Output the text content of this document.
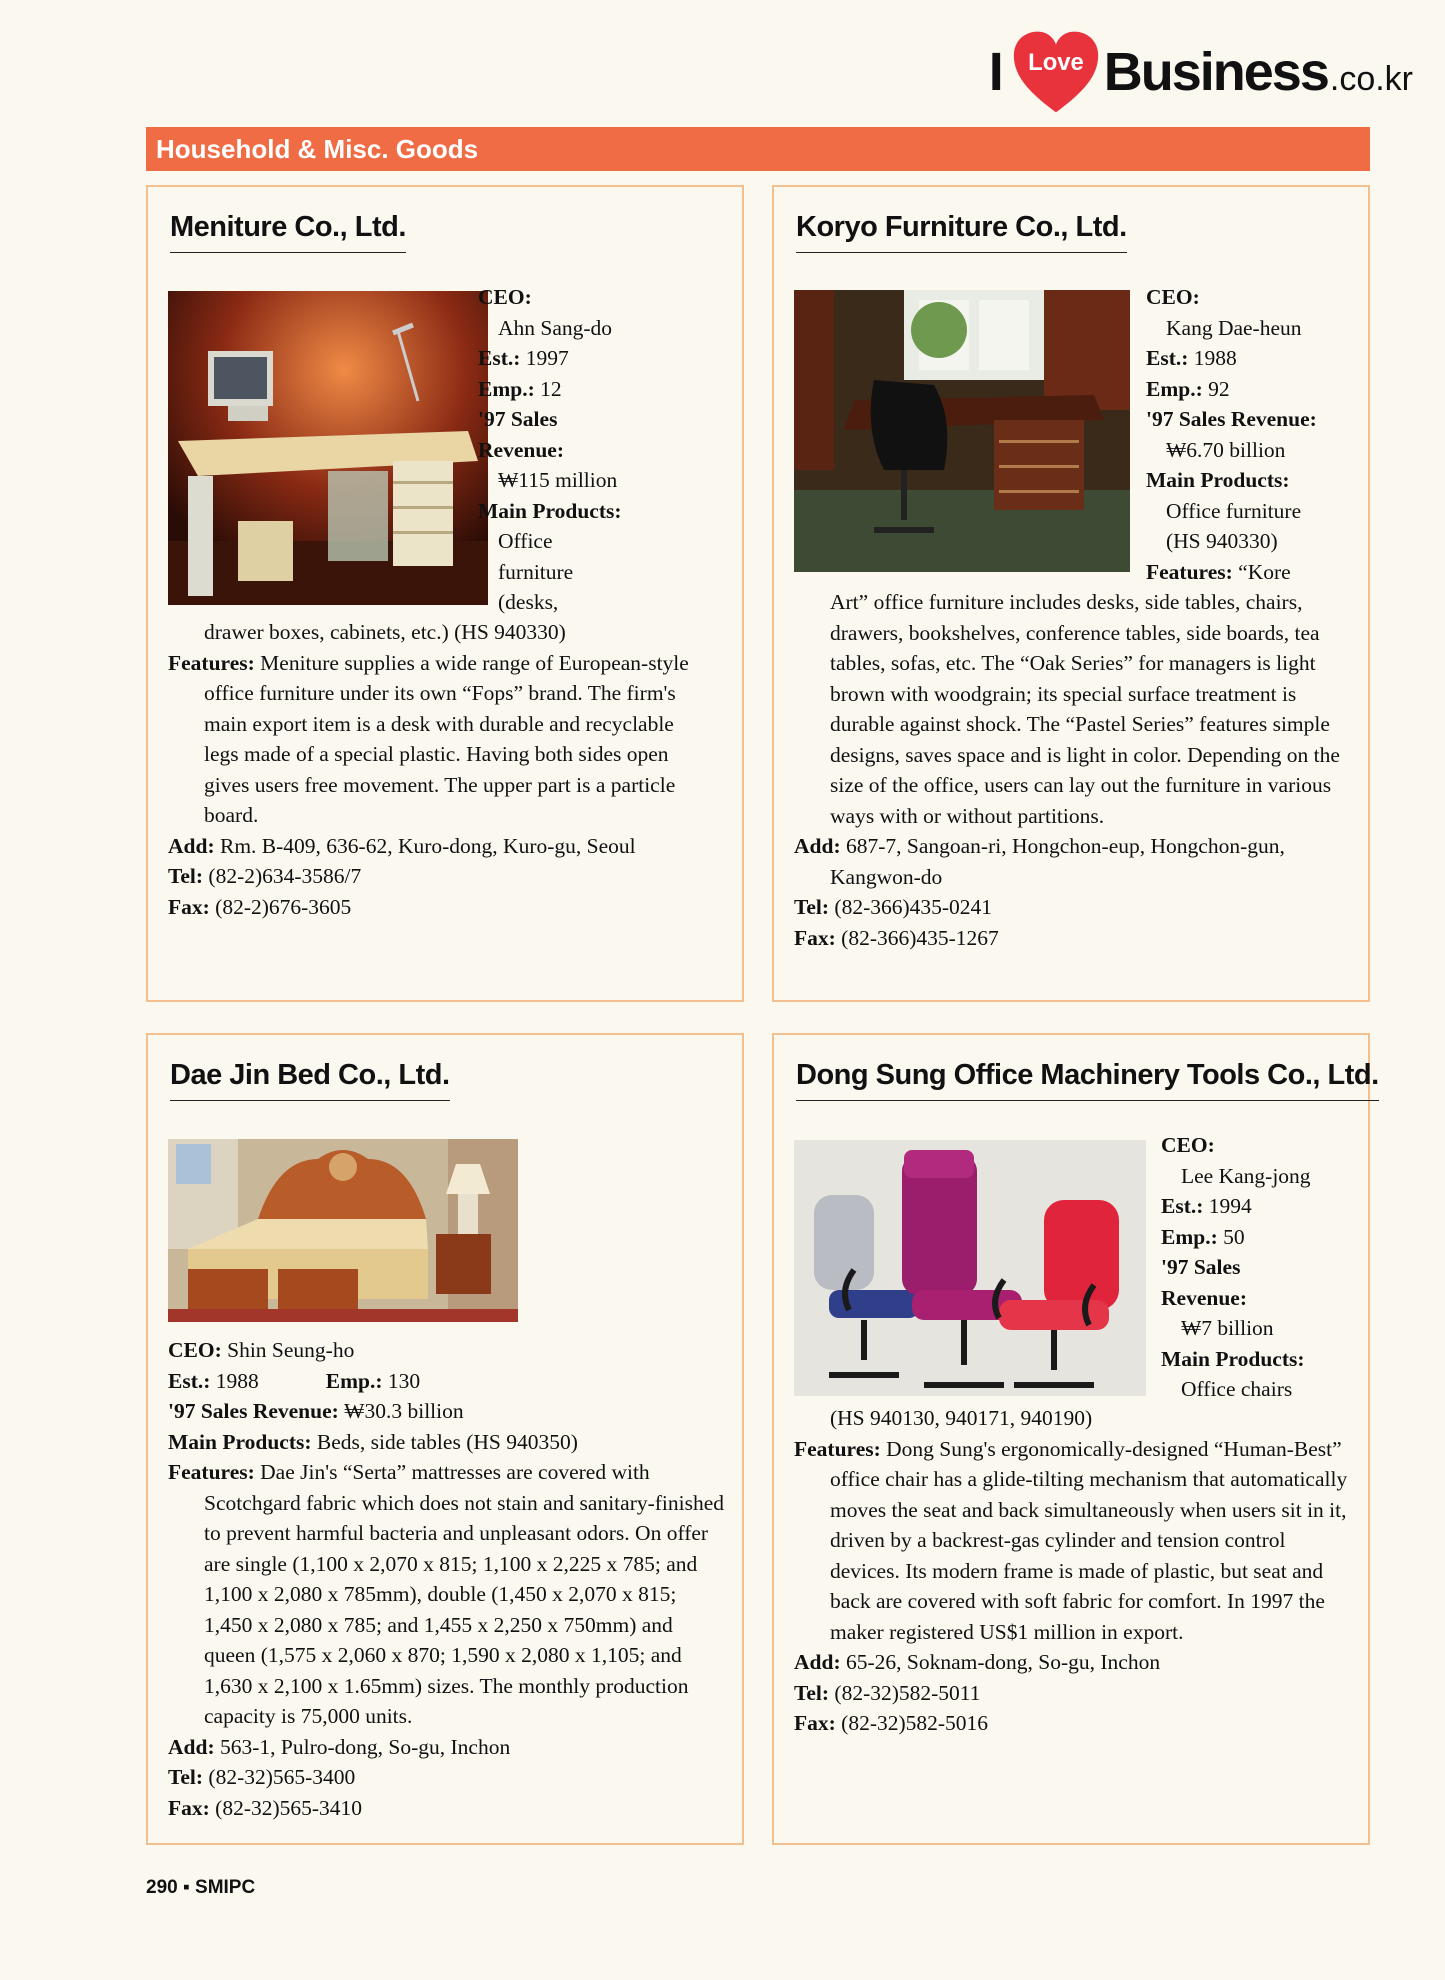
I Love Business .co.kr
Household & Misc. Goods
Meniture Co., Ltd.
CEO:
Ahn Sang-do
Est.: 1997
Emp.: 12
'97 Sales
Revenue:
₩115 million
Main Products:
Office
furniture
(desks,

drawer boxes, cabinets, etc.) (HS 940330)

Features: Meniture supplies a wide range of European-style office furniture under its own “Fops” brand. The firm's main export item is a desk with durable and recyclable legs made of a special plastic. Having both sides open gives users free movement. The upper part is a particle board.

Add: Rm. B-409, 636-62, Kuro-dong, Kuro-gu, Seoul

Tel: (82-2)634-3586/7

Fax: (82-2)676-3605

Koryo Furniture Co., Ltd.
CEO:
Kang Dae-heun
Est.: 1988
Emp.: 92
'97 Sales Revenue:
₩6.70 billion
Main Products:
Office furniture
(HS 940330)
Features: “Kore

Art” office furniture includes desks, side tables, chairs, drawers, bookshelves, conference tables, side boards, tea tables, sofas, etc. The “Oak Series” for managers is light brown with woodgrain; its special surface treatment is durable against shock. The “Pastel Series” features simple designs, saves space and is light in color. Depending on the size of the office, users can lay out the furniture in various ways with or without partitions.

Add: 687-7, Sangoan-ri, Hongchon-eup, Hongchon-gun, Kangwon-do

Tel: (82-366)435-0241

Fax: (82-366)435-1267

Dae Jin Bed Co., Ltd.

CEO: Shin Seung-ho

Est.: 1988	Emp.: 130

'97 Sales Revenue: ₩30.3 billion

Main Products: Beds, side tables (HS 940350)

Features: Dae Jin's “Serta” mattresses are covered with Scotchgard fabric which does not stain and sanitary-finished to prevent harmful bacteria and unpleasant odors. On offer are single (1,100 x 2,070 x 815; 1,100 x 2,225 x 785; and 1,100 x 2,080 x 785mm), double (1,450 x 2,070 x 815; 1,450 x 2,080 x 785; and 1,455 x 2,250 x 750mm) and queen (1,575 x 2,060 x 870; 1,590 x 2,080 x 1,105; and 1,630 x 2,100 x 1.65mm) sizes. The monthly production capacity is 75,000 units.

Add: 563-1, Pulro-dong, So-gu, Inchon

Tel: (82-32)565-3400

Fax: (82-32)565-3410

Dong Sung Office Machinery Tools Co., Ltd.
CEO:
Lee Kang-jong
Est.: 1994
Emp.: 50
'97 Sales
Revenue:
₩7 billion
Main Products:
Office chairs

(HS 940130, 940171, 940190)

Features: Dong Sung's ergonomically-designed “Human-Best” office chair has a glide-tilting mechanism that automatically moves the seat and back simultaneously when users sit in it, driven by a backrest-gas cylinder and tension control devices. Its modern frame is made of plastic, but seat and back are covered with soft fabric for comfort. In 1997 the maker registered US$1 million in export.

Add: 65-26, Soknam-dong, So-gu, Inchon

Tel: (82-32)582-5011

Fax: (82-32)582-5016

290 ▪ SMIPC
